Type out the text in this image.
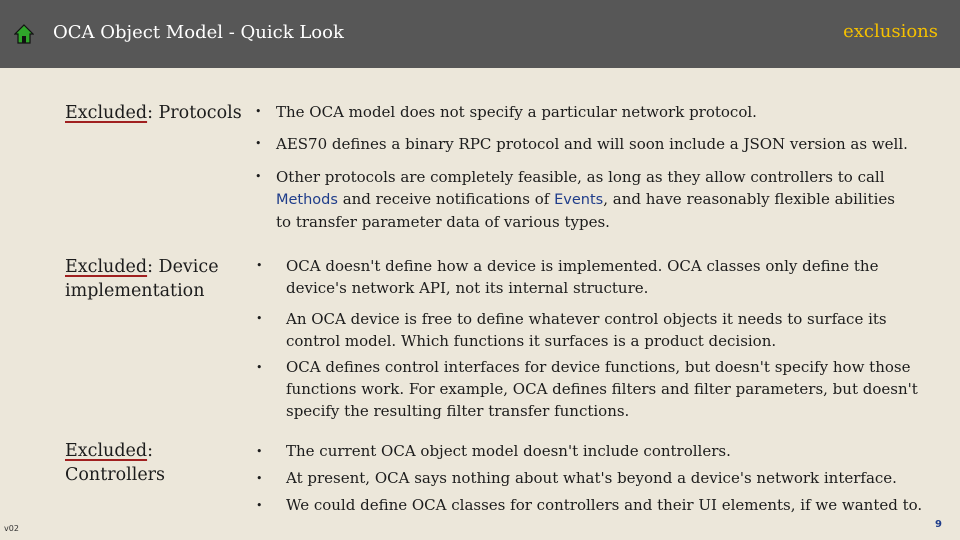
OCA Object Model - Quick Look	exclusions
Excluded: Protocols • The OCA model does not specify a particular network protocol.
• AES70 defines a binary RPC protocol and will soon include a JSON version as well.
• Other protocols are completely feasible, as long as they allow controllers to call
Methods and receive notifications of Events, and have reasonably flexible abilities
to transfer parameter data of various types.
Excluded: Device
implementation
• OCA doesn't define how a device is implemented. OCA classes only define the
device's network API, not its internal structure.
• An OCA device is free to define whatever control objects it needs to surface its
control model. Which functions it surfaces is a product decision.
• OCA defines control interfaces for device functions, but doesn't specify how those
functions work. For example, OCA defines filters and filter parameters, but doesn't
specify the resulting filter transfer functions.
Excluded:
Controllers
• The current OCA object model doesn't include controllers.
• At present, OCA says nothing about what's beyond a device's network interface.
• We could define OCA classes for controllers and their UI elements, if we wanted to.
v02	9
